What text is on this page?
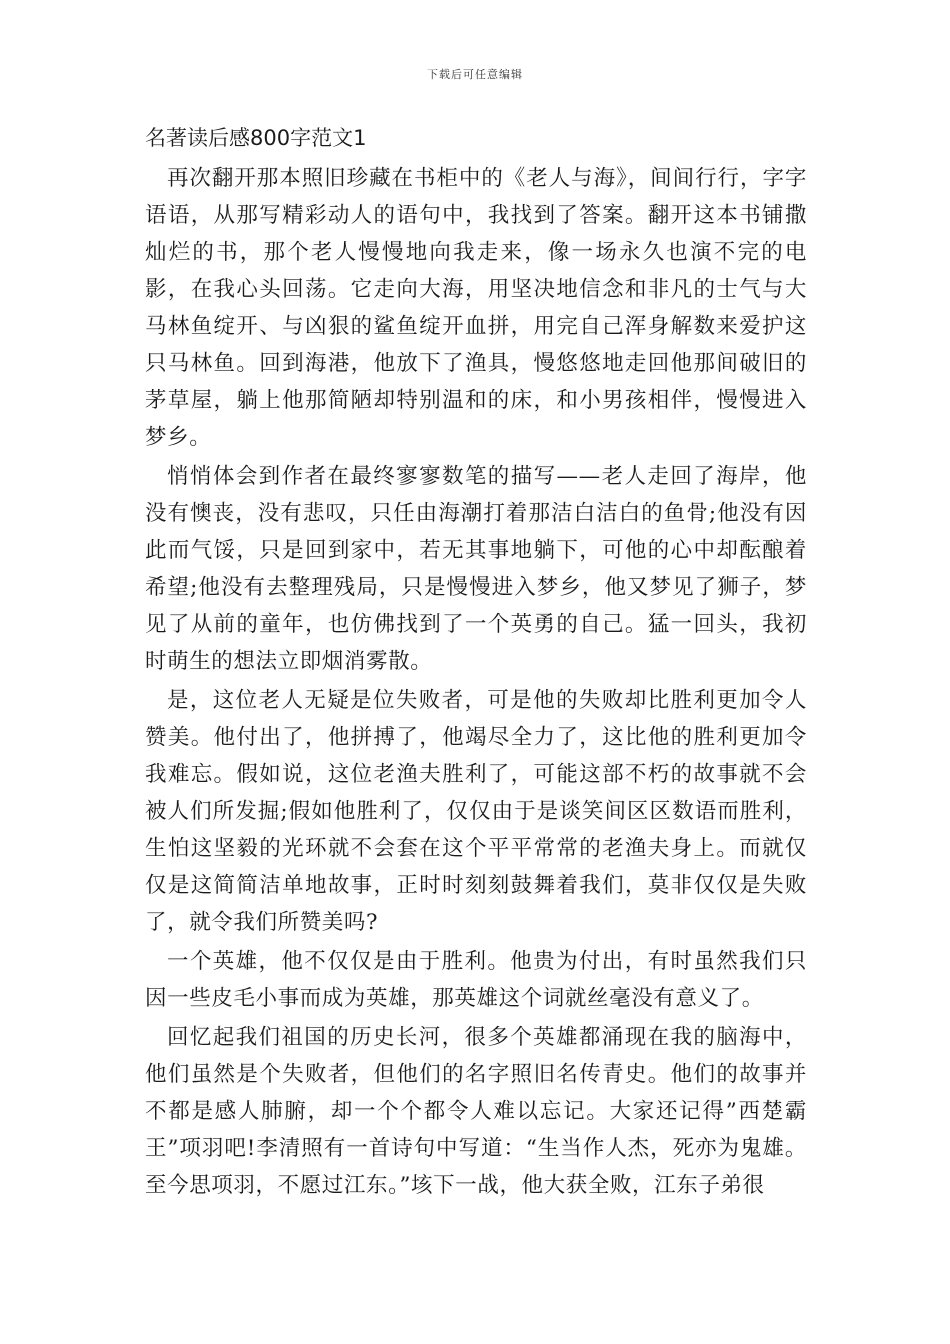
下载后可任意编辑
名著读后感800字范文1

再次翻开那本照旧珍藏在书柜中的《老人与海》，间间行行，字字语语，从那写精彩动人的语句中，我找到了答案。翻开这本书铺撒灿烂的书，那个老人慢慢地向我走来，像一场永久也演不完的电影，在我心头回荡。它走向大海，用坚决地信念和非凡的士气与大马林鱼绽开、与凶狠的鲨鱼绽开血拼，用完自己浑身解数来爱护这只马林鱼。回到海港，他放下了渔具，慢悠悠地走回他那间破旧的茅草屋，躺上他那简陋却特别温和的床，和小男孩相伴，慢慢进入梦乡。

悄悄体会到作者在最终寥寥数笔的描写——老人走回了海岸，他没有懊丧，没有悲叹，只任由海潮打着那洁白洁白的鱼骨;他没有因此而气馁，只是回到家中，若无其事地躺下，可他的心中却酝酿着希望;他没有去整理残局，只是慢慢进入梦乡，他又梦见了狮子，梦见了从前的童年，也仿佛找到了一个英勇的自己。猛一回头，我初时萌生的想法立即烟消雾散。

是，这位老人无疑是位失败者，可是他的失败却比胜利更加令人赞美。他付出了，他拼搏了，他竭尽全力了，这比他的胜利更加令我难忘。假如说，这位老渔夫胜利了，可能这部不朽的故事就不会被人们所发掘;假如他胜利了，仅仅由于是谈笑间区区数语而胜利，生怕这坚毅的光环就不会套在这个平平常常的老渔夫身上。而就仅仅是这简简洁单地故事，正时时刻刻鼓舞着我们，莫非仅仅是失败了，就令我们所赞美吗?

一个英雄，他不仅仅是由于胜利。他贵为付出，有时虽然我们只因一些皮毛小事而成为英雄，那英雄这个词就丝毫没有意义了。

回忆起我们祖国的历史长河，很多个英雄都涌现在我的脑海中，他们虽然是个失败者，但他们的名字照旧名传青史。他们的故事并不都是感人肺腑，却一个个都令人难以忘记。大家还记得”西楚霸王”项羽吧!李清照有一首诗句中写道：“生当作人杰，死亦为鬼雄。至今思项羽，不愿过江东。”垓下一战，他大获全败，江东子弟很
